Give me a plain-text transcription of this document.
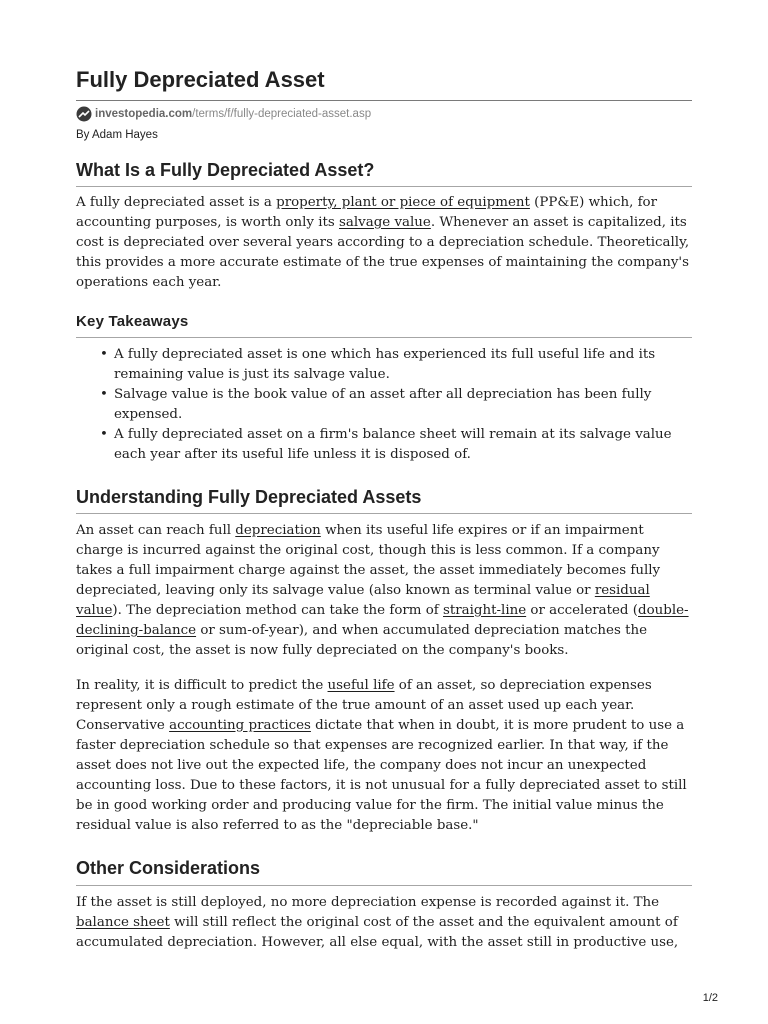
Fully Depreciated Asset
investopedia.com /terms/f/fully-depreciated-asset.asp
By Adam Hayes
What Is a Fully Depreciated Asset?

A fully depreciated asset is a property, plant or piece of equipment (PP&E) which, for accounting purposes, is worth only its salvage value. Whenever an asset is capitalized, its cost is depreciated over several years according to a depreciation schedule. Theoretically, this provides a more accurate estimate of the true expenses of maintaining the company's operations each year.

Key Takeaways
• A fully depreciated asset is one which has experienced its full useful life and its remaining value is just its salvage value.
• Salvage value is the book value of an asset after all depreciation has been fully expensed.
• A fully depreciated asset on a firm's balance sheet will remain at its salvage value each year after its useful life unless it is disposed of.
Understanding Fully Depreciated Assets

An asset can reach full depreciation when its useful life expires or if an impairment charge is incurred against the original cost, though this is less common. If a company takes a full impairment charge against the asset, the asset immediately becomes fully depreciated, leaving only its salvage value (also known as terminal value or residual value). The depreciation method can take the form of straight-line or accelerated (double-declining-balance or sum-of-year), and when accumulated depreciation matches the original cost, the asset is now fully depreciated on the company's books.

In reality, it is difficult to predict the useful life of an asset, so depreciation expenses represent only a rough estimate of the true amount of an asset used up each year. Conservative accounting practices dictate that when in doubt, it is more prudent to use a faster depreciation schedule so that expenses are recognized earlier. In that way, if the asset does not live out the expected life, the company does not incur an unexpected accounting loss. Due to these factors, it is not unusual for a fully depreciated asset to still be in good working order and producing value for the firm. The initial value minus the residual value is also referred to as the "depreciable base."

Other Considerations

If the asset is still deployed, no more depreciation expense is recorded against it. The balance sheet will still reflect the original cost of the asset and the equivalent amount of accumulated depreciation. However, all else equal, with the asset still in productive use,

1/2
